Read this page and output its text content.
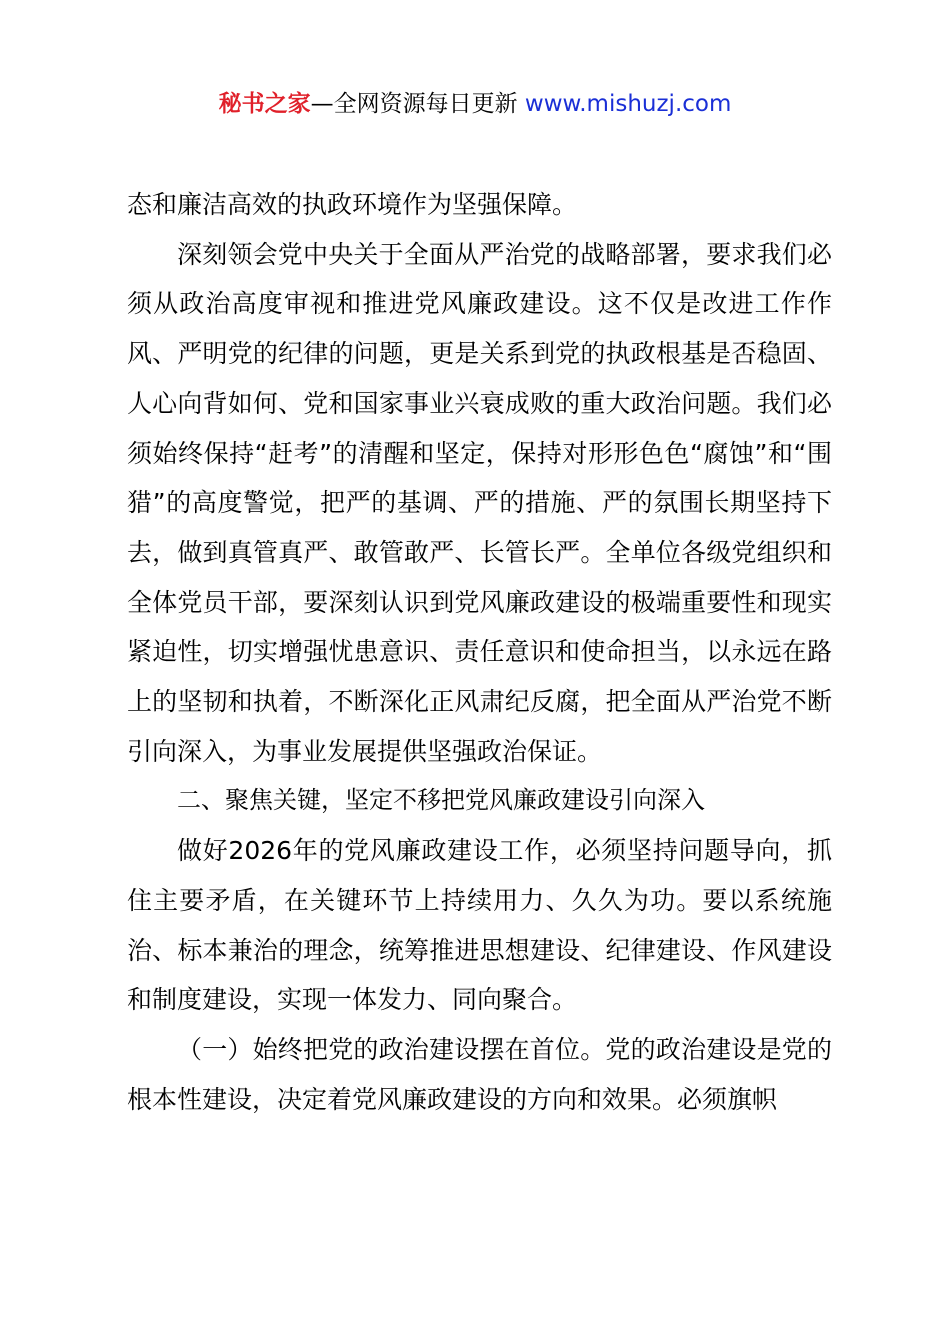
秘书之家—全网资源每日更新 www.mishuzj.com

态和廉洁高效的执政环境作为坚强保障。

深刻领会党中央关于全面从严治党的战略部署，要求我们必须从政治高度审视和推进党风廉政建设。这不仅是改进工作作风、严明党的纪律的问题，更是关系到党的执政根基是否稳固、人心向背如何、党和国家事业兴衰成败的重大政治问题。我们必须始终保持“赶考”的清醒和坚定，保持对形形色色“腐蚀”和“围猎”的高度警觉，把严的基调、严的措施、严的氛围长期坚持下去，做到真管真严、敢管敢严、长管长严。全单位各级党组织和全体党员干部，要深刻认识到党风廉政建设的极端重要性和现实紧迫性，切实增强忧患意识、责任意识和使命担当，以永远在路上的坚韧和执着，不断深化正风肃纪反腐，把全面从严治党不断引向深入，为事业发展提供坚强政治保证。

二、聚焦关键，坚定不移把党风廉政建设引向深入

做好2026年的党风廉政建设工作，必须坚持问题导向，抓住主要矛盾，在关键环节上持续用力、久久为功。要以系统施治、标本兼治的理念，统筹推进思想建设、纪律建设、作风建设和制度建设，实现一体发力、同向聚合。

（一）始终把党的政治建设摆在首位。党的政治建设是党的根本性建设，决定着党风廉政建设的方向和效果。必须旗帜
